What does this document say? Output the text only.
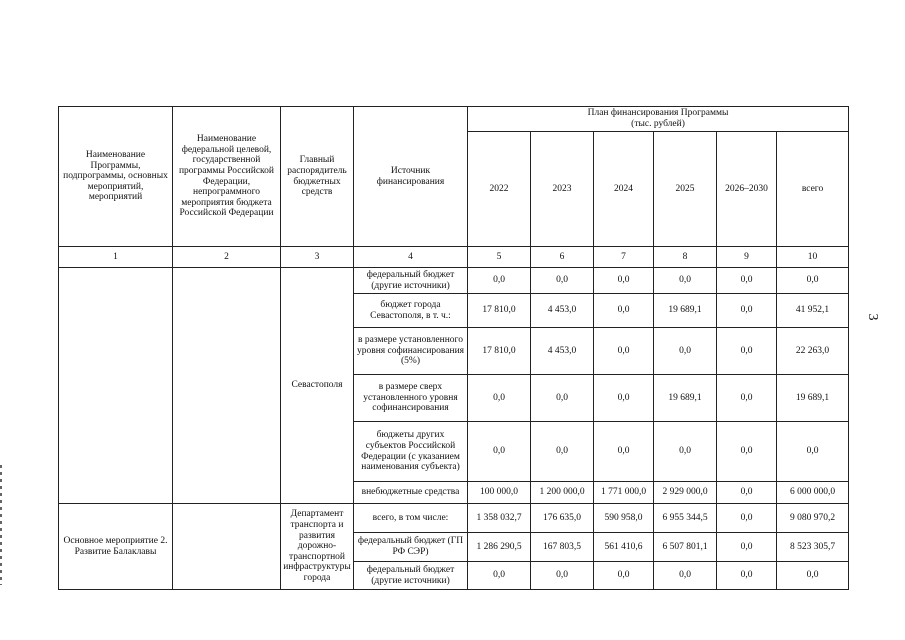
3
Наименование Программы, подпрограммы, основных мероприятий, мероприятий	Наименование федеральной целевой, государственной программы Российской Федерации, непрограммного мероприятия бюджета Российской Федерации	Главный распорядитель бюджетных средств	Источник финансирования	План финансирования Программы
(тыс. рублей)					

				2022	2023	2024	2025	2026–2030	всего
1	2	3	4	5	6	7	8	9	10
		Севастополя	федеральный бюджет (другие источники)	0,0	0,0	0,0	0,0	0,0	0,0
			бюджет города Севастополя, в т. ч.:	17 810,0	4 453,0	0,0	19 689,1	0,0	41 952,1
			в размере установленного уровня софинансирования (5%)	17 810,0	4 453,0	0,0	0,0	0,0	22 263,0
			в размере сверх установленного уровня софинансирования	0,0	0,0	0,0	19 689,1	0,0	19 689,1
			бюджеты других субъектов Российской Федерации (с указанием наименования субъекта)	0,0	0,0	0,0	0,0	0,0	0,0
			внебюджетные средства	100 000,0	1 200 000,0	1 771 000,0	2 929 000,0	0,0	6 000 000,0
Основное мероприятие 2. Развитие Балаклавы		Департамент транспорта и развития дорожно-транспортной инфраструктуры города	всего, в том числе:	1 358 032,7	176 635,0	590 958,0	6 955 344,5	0,0	9 080 970,2
			федеральный бюджет (ГП РФ СЭР)	1 286 290,5	167 803,5	561 410,6	6 507 801,1	0,0	8 523 305,7
			федеральный бюджет (другие источники)	0,0	0,0	0,0	0,0	0,0	0,0
